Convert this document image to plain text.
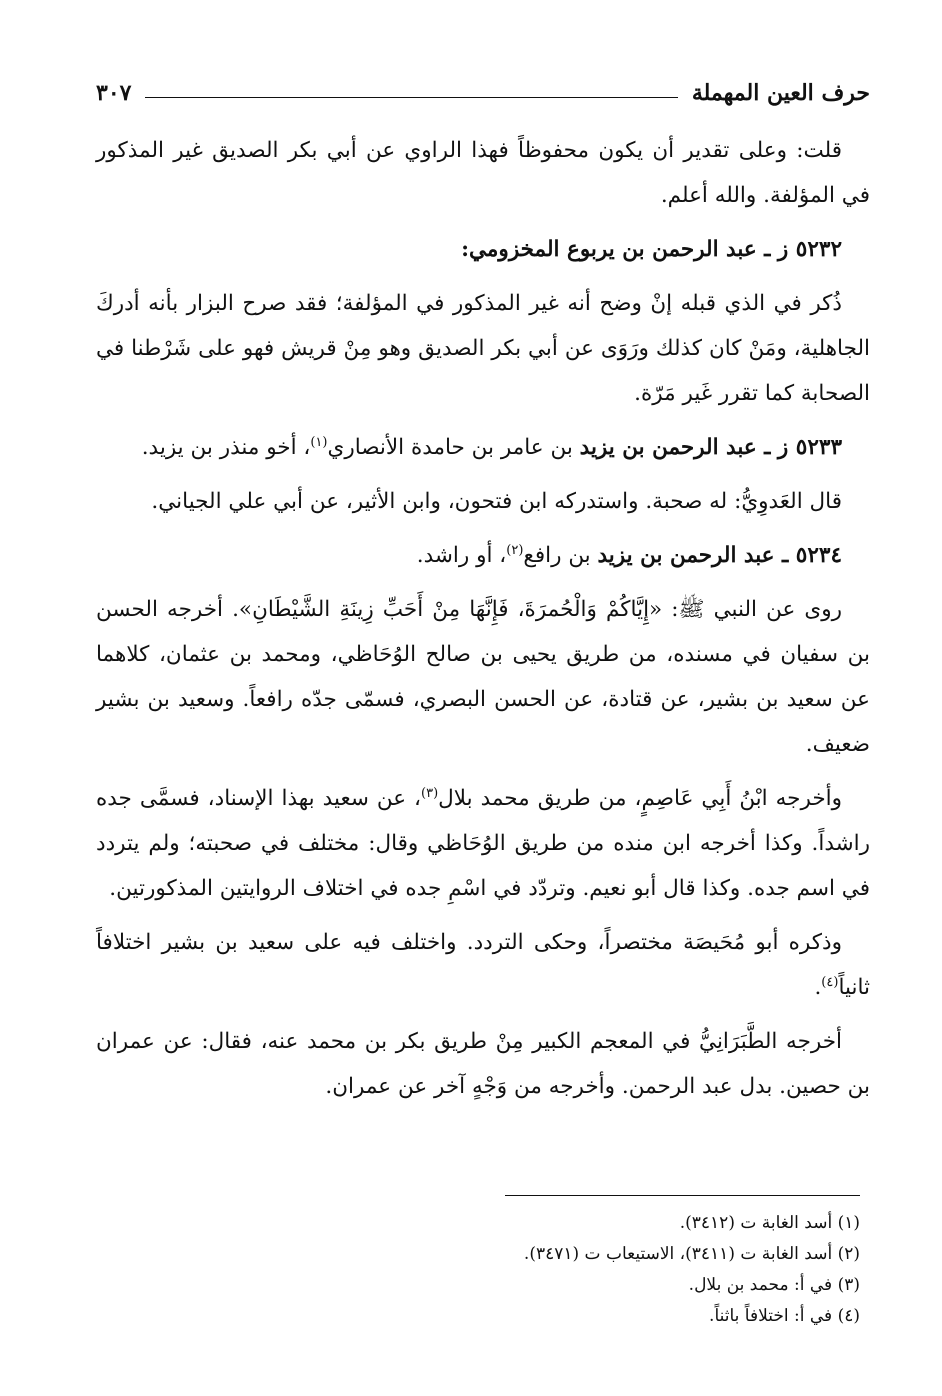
حرف العين المهملة
٣٠٧

قلت: وعلى تقدير أن يكون محفوظاً فهذا الراوي عن أبي بكر الصديق غير المذكور في المؤلفة. والله أعلم.

٥٢٣٢ ز ـ عبد الرحمن بن يربوع المخزومي:

ذُكر في الذي قبله إنْ وضح أنه غير المذكور في المؤلفة؛ فقد صرح البزار بأنه أدركَ الجاهلية، ومَنْ كان كذلك ورَوَى عن أبي بكر الصديق وهو مِنْ قريش فهو على شَرْطنا في الصحابة كما تقرر غَير مَرّة.

٥٢٣٣ ز ـ عبد الرحمن بن يزيد بن عامر بن حامدة الأنصاري$^{(١)}$، أخو منذر بن يزيد.

قال العَدوِيُّ: له صحبة. واستدركه ابن فتحون، وابن الأثير، عن أبي علي الجياني.

٥٢٣٤ ـ عبد الرحمن بن يزيد بن رافع$^{(٢)}$، أو راشد.

روى عن النبي ﷺ: «إِيَّاكُمْ وَالْحُمرَةَ، فَإِنَّهَا مِنْ أَحَبِّ زِينَةِ الشَّيْطَانِ». أخرجه الحسن بن سفيان في مسنده، من طريق يحيى بن صالح الوُحَاظي، ومحمد بن عثمان، كلاهما عن سعيد بن بشير، عن قتادة، عن الحسن البصري، فسمّى جدّه رافعاً. وسعيد بن بشير ضعيف.

وأخرجه ابْنُ أَبِي عَاصِمٍ، من طريق محمد بلال$^{(٣)}$، عن سعيد بهذا الإسناد، فسمَّى جده راشداً. وكذا أخرجه ابن منده من طريق الوُحَاظي وقال: مختلف في صحبته؛ ولم يتردد في اسم جده. وكذا قال أبو نعيم. وتردّد في اسْمِ جده في اختلاف الروايتين المذكورتين.

وذكره أبو مُحَيصَة مختصراً، وحكى التردد. واختلف فيه على سعيد بن بشير اختلافاً ثانياً$^{(٤)}$.

أخرجه الطَّبَرَانِيُّ في المعجم الكبير مِنْ طريق بكر بن محمد عنه، فقال: عن عمران بن حصين. بدل عبد الرحمن. وأخرجه من وَجْهٍ آخر عن عمران.

(١) أسد الغابة ت (٣٤١٢).
(٢) أسد الغابة ت (٣٤١١)، الاستيعاب ت (٣٤٧١).
(٣) في أ: محمد بن بلال.
(٤) في أ: اختلافاً باثناً.
